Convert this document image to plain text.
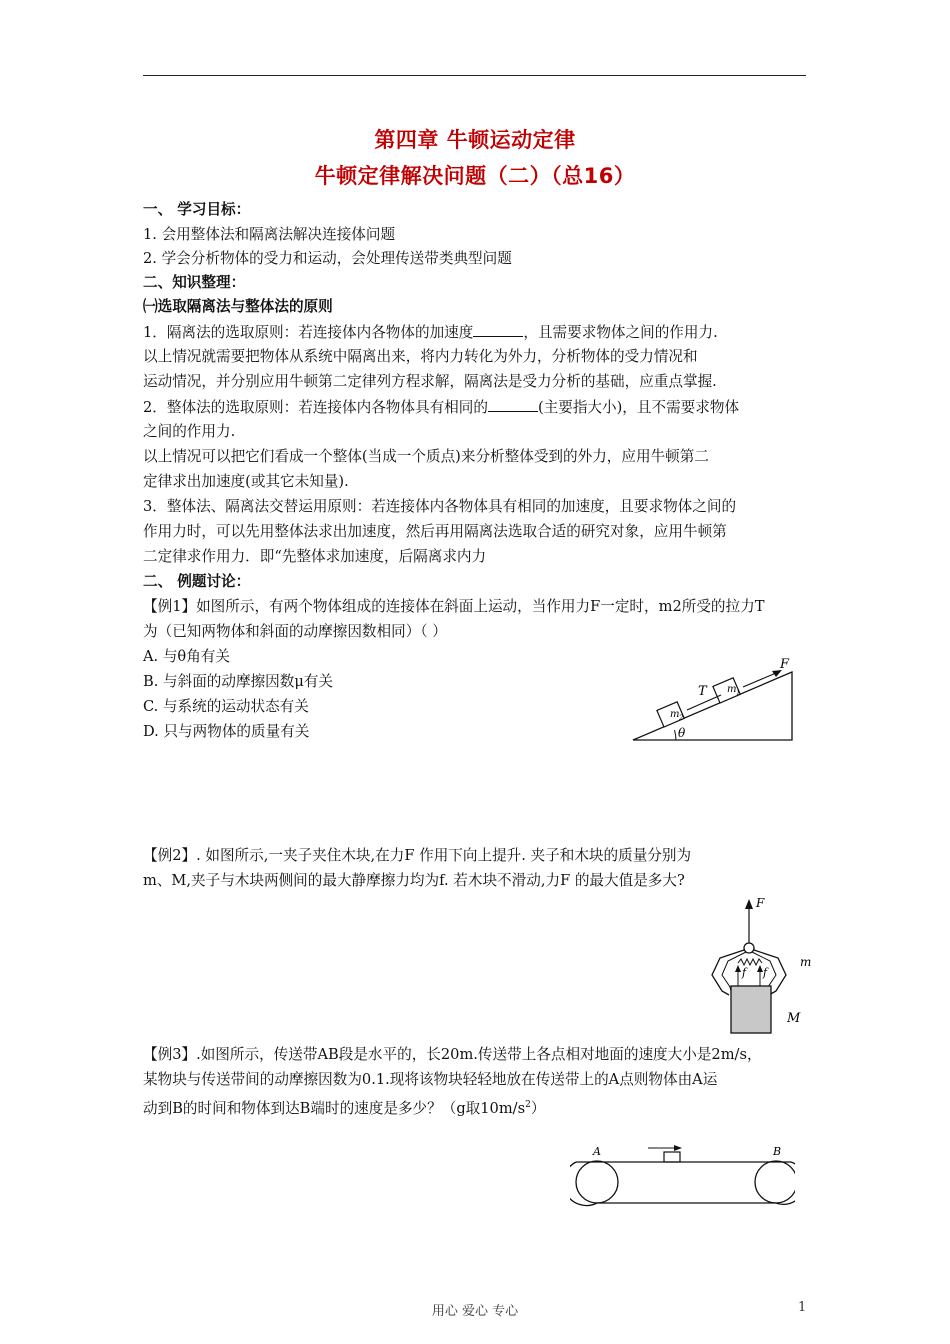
第四章 牛顿运动定律
牛顿定律解决问题（二）（总16）
一、 学习目标：
1. 会用整体法和隔离法解决连接体问题
2. 学会分析物体的受力和运动，会处理传送带类典型问题
二、知识整理：
㈠选取隔离法与整体法的原则
1．隔离法的选取原则：若连接体内各物体的加速度	，且需要求物体之间的作用力.
以上情况就需要把物体从系统中隔离出来，将内力转化为外力，分析物体的受力情况和
运动情况，并分别应用牛顿第二定律列方程求解，隔离法是受力分析的基础，应重点掌握.
2．整体法的选取原则：若连接体内各物体具有相同的	(主要指大小)，且不需要求物体
之间的作用力.
以上情况可以把它们看成一个整体(当成一个质点)来分析整体受到的外力，应用牛顿第二
定律求出加速度(或其它未知量).
3．整体法、隔离法交替运用原则：若连接体内各物体具有相同的加速度，且要求物体之间的
作用力时，可以先用整体法求出加速度，然后再用隔离法选取合适的研究对象，应用牛顿第
二定律求作用力．即“先整体求加速度，后隔离求内力
二、 例题讨论：
【例1】如图所示，有两个物体组成的连接体在斜面上运动，当作用力F一定时，m2所受的拉力T
为（已知两物体和斜面的动摩擦因数相同）（ ）
A. 与θ角有关
B. 与斜面的动摩擦因数μ有关
C. 与系统的运动状态有关
D. 只与两物体的质量有关
F
T m 1
m 2
θ
【例2】. 如图所示,一夹子夹住木块,在力F 作用下向上提升. 夹子和木块的质量分别为
m、M,夹子与木块两侧间的最大静摩擦力均为f. 若木块不滑动,力F 的最大值是多大?
F
f f
m
M
【例3】.如图所示，传送带AB段是水平的，长20m.传送带上各点相对地面的速度大小是2m/s，
某物块与传送带间的动摩擦因数为0.1.现将该物块轻轻地放在传送带上的A点则物体由A运
动到B的时间和物体到达B端时的速度是多少？（g取$10m/s^2$）
A	B
用心 爱心 专心	1
